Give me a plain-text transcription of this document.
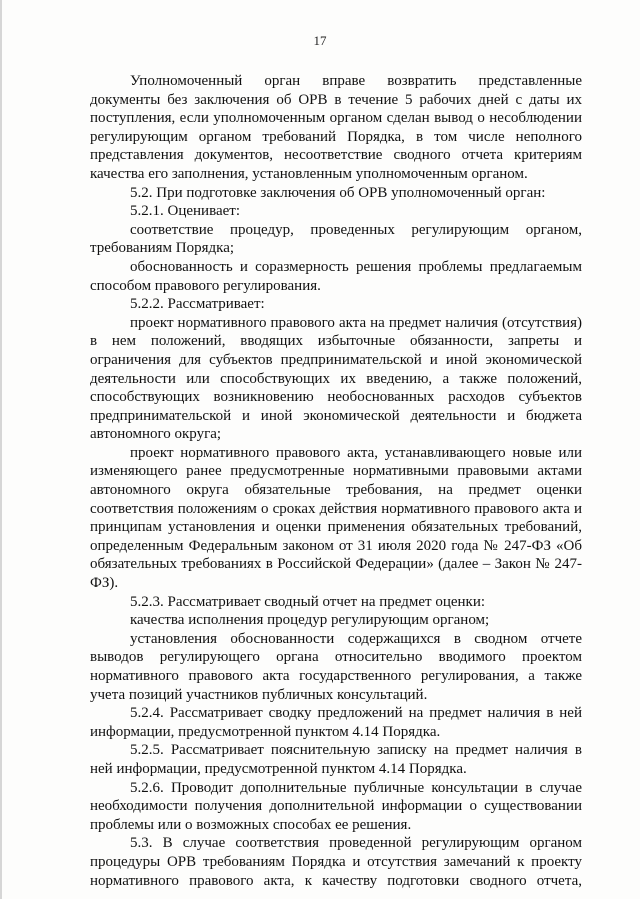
17

Уполномоченный орган вправе возвратить представленные документы без заключения об ОРВ в течение 5 рабочих дней с даты их поступления, если уполномоченным органом сделан вывод о несоблюдении регулирующим органом требований Порядка, в том числе неполного представления документов, несоответствие сводного отчета критериям качества его заполнения, установленным уполномоченным органом.

5.2. При подготовке заключения об ОРВ уполномоченный орган:

5.2.1. Оценивает:

соответствие процедур, проведенных регулирующим органом, требованиям Порядка;

обоснованность и соразмерность решения проблемы предлагаемым способом правового регулирования.

5.2.2. Рассматривает:

проект нормативного правового акта на предмет наличия (отсутствия) в нем положений, вводящих избыточные обязанности, запреты и ограничения для субъектов предпринимательской и иной экономической деятельности или способствующих их введению, а также положений, способствующих возникновению необоснованных расходов субъектов предпринимательской и иной экономической деятельности и бюджета автономного округа;

проект нормативного правового акта, устанавливающего новые или изменяющего ранее предусмотренные нормативными правовыми актами автономного округа обязательные требования, на предмет оценки соответствия положениям о сроках действия нормативного правового акта и принципам установления и оценки применения обязательных требований, определенным Федеральным законом от 31 июля 2020 года № 247-ФЗ «Об обязательных требованиях в Российской Федерации» (далее – Закон № 247-ФЗ).

5.2.3. Рассматривает сводный отчет на предмет оценки:

качества исполнения процедур регулирующим органом;

установления обоснованности содержащихся в сводном отчете выводов регулирующего органа относительно вводимого проектом нормативного правового акта государственного регулирования, а также учета позиций участников публичных консультаций.

5.2.4. Рассматривает сводку предложений на предмет наличия в ней информации, предусмотренной пунктом 4.14 Порядка.

5.2.5. Рассматривает пояснительную записку на предмет наличия в ней информации, предусмотренной пунктом 4.14 Порядка.

5.2.6. Проводит дополнительные публичные консультации в случае необходимости получения дополнительной информации о существовании проблемы или о возможных способах ее решения.

5.3. В случае соответствия проведенной регулирующим органом процедуры ОРВ требованиям Порядка и отсутствия замечаний к проекту нормативного правового акта, к качеству подготовки сводного отчета,
